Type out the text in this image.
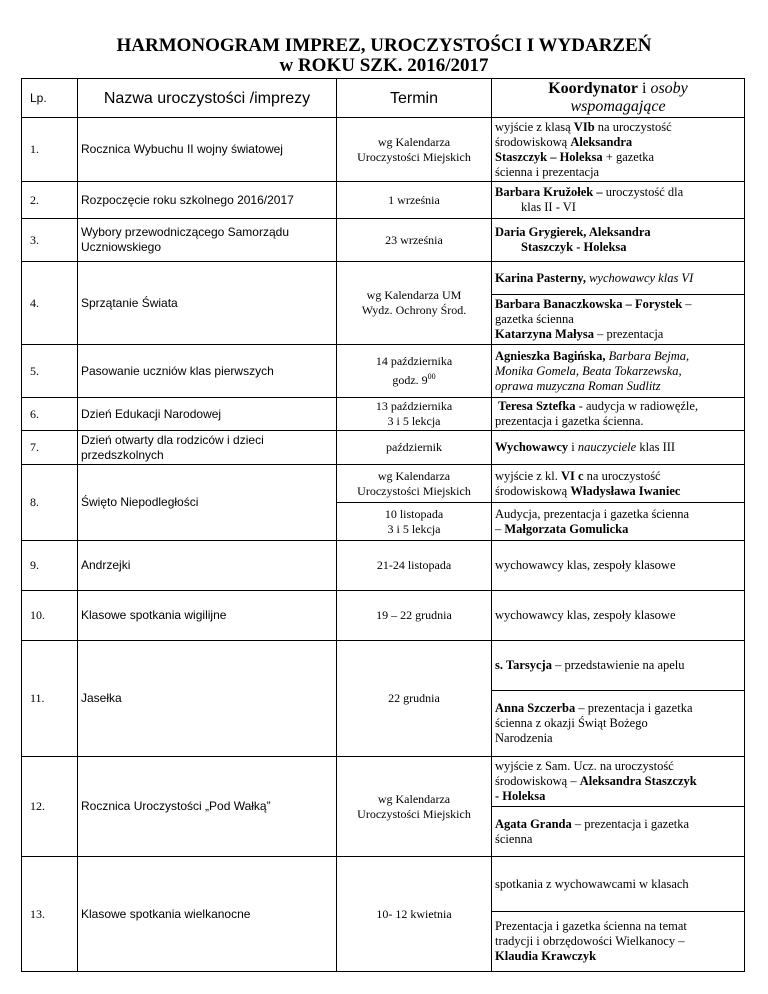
HARMONOGRAM IMPREZ, UROCZYSTOŚCI I WYDARZEŃ
w ROKU SZK. 2016/2017
Lp.	Nazwa uroczystości /imprezy	Termin	Koordynator i osoby
wspomagające
1.	Rocznica Wybuchu II wojny światowej	wg Kalendarza
Uroczystości Miejskich	wyjście z klasą VIb na uroczystość
środowiskową Aleksandra
Staszczyk – Holeksa + gazetka
ścienna i prezentacja
2.	Rozpoczęcie roku szkolnego 2016/2017	1 września	Barbara Kružołek – uroczystość dla
klas II - VI

3.	Wybory przewodniczącego Samorządu
Uczniowskiego	23 września	Daria Grygierek, Aleksandra
Staszczyk - Holeksa

4.	Sprzątanie Świata	wg Kalendarza UM
Wydz. Ochrony Środ.	Karina Pasterny, wychowawcy klas VI
			Barbara Banaczkowska – Forystek –
gazetka ścienna
Katarzyna Małysa – prezentacja
5.	Pasowanie uczniów klas pierwszych	14 października
godz. $9^{00}$	Agnieszka Bagińska, Barbara Bejma,
Monika Gomela, Beata Tokarzewska,
oprawa muzyczna Roman Sudlitz
6.	Dzień Edukacji Narodowej	13 października
3 i 5 lekcja	Teresa Sztefka - audycja w radiowęźle,
prezentacja i gazetka ścienna.
7.	Dzień otwarty dla rodziców i dzieci
przedszkolnych	październik	Wychowawcy i nauczyciele klas III
8.	Święto Niepodległości	wg Kalendarza
Uroczystości Miejskich	wyjście z kl. VI c na uroczystość
środowiskową Władysława Iwaniec
		10 listopada
3 i 5 lekcja	Audycja, prezentacja i gazetka ścienna
– Małgorzata Gomulicka
9.	Andrzejki	21-24 listopada	wychowawcy klas, zespoły klasowe
10.	Klasowe spotkania wigilijne	19 – 22 grudnia	wychowawcy klas, zespoły klasowe
11.	Jasełka	22 grudnia	s. Tarsycja – przedstawienie na apelu
			Anna Szczerba – prezentacja i gazetka
ścienna z okazji Świąt Bożego
Narodzenia
12.	Rocznica Uroczystości „Pod Wałką”	wg Kalendarza
Uroczystości Miejskich	wyjście z Sam. Ucz. na uroczystość
środowiskową – Aleksandra Staszczyk
- Holeksa
			Agata Granda – prezentacja i gazetka
ścienna
13.	Klasowe spotkania wielkanocne	10- 12 kwietnia	spotkania z wychowawcami w klasach
			Prezentacja i gazetka ścienna na temat
tradycji i obrzędowości Wielkanocy –
Klaudia Krawczyk
